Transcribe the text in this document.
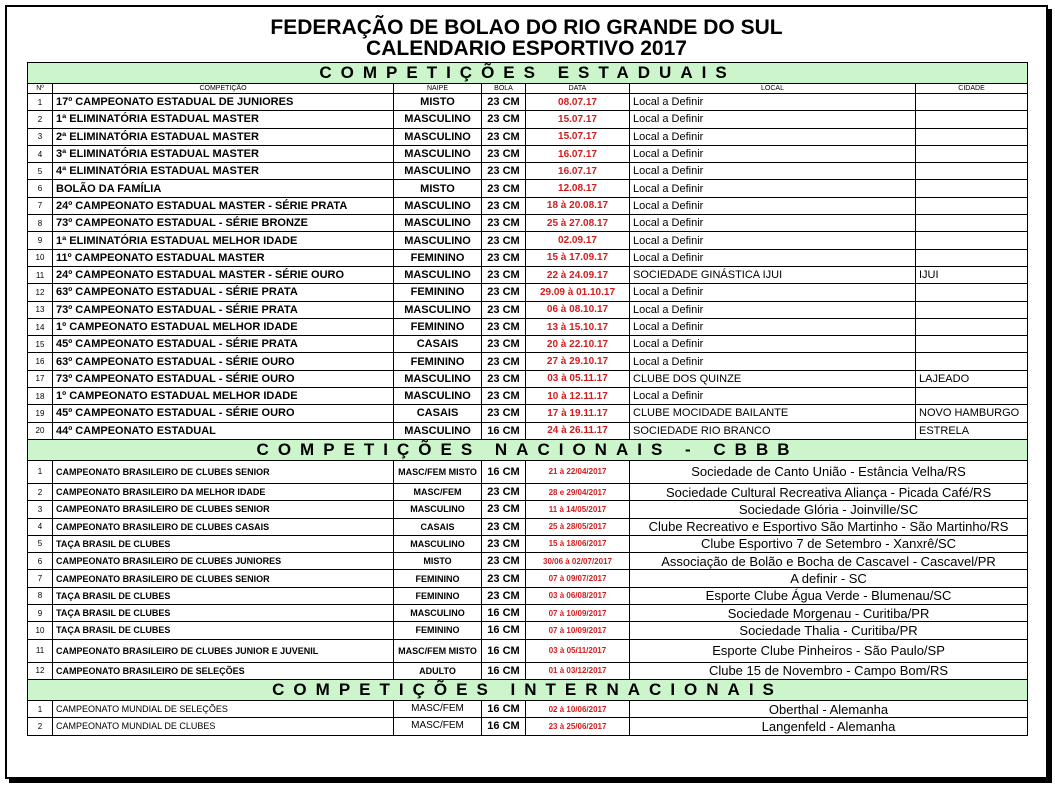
FEDERAÇÃO DE BOLAO DO RIO GRANDE DO SUL
CALENDARIO ESPORTIVO 2017
COMPETIÇÕES ESTADUAIS						
Nº	COMPETIÇÃO	NAIPE	BOLA	DATA	LOCAL	CIDADE
1	17º CAMPEONATO ESTADUAL DE JUNIORES	MISTO	23 CM	08.07.17	Local a Definir	
2	1ª ELIMINATÓRIA ESTADUAL MASTER	MASCULINO	23 CM	15.07.17	Local a Definir	
3	2ª ELIMINATÓRIA ESTADUAL MASTER	MASCULINO	23 CM	15.07.17	Local a Definir	
4	3ª ELIMINATÓRIA ESTADUAL MASTER	MASCULINO	23 CM	16.07.17	Local a Definir	
5	4ª ELIMINATÓRIA ESTADUAL MASTER	MASCULINO	23 CM	16.07.17	Local a Definir	
6	BOLÃO DA FAMÍLIA	MISTO	23 CM	12.08.17	Local a Definir	
7	24º CAMPEONATO ESTADUAL MASTER - SÉRIE PRATA	MASCULINO	23 CM	18 à 20.08.17	Local a Definir	
8	73º CAMPEONATO ESTADUAL - SÉRIE BRONZE	MASCULINO	23 CM	25 à 27.08.17	Local a Definir	
9	1ª ELIMINATÓRIA ESTADUAL MELHOR IDADE	MASCULINO	23 CM	02.09.17	Local a Definir	
10	11º CAMPEONATO ESTADUAL MASTER	FEMININO	23 CM	15 à 17.09.17	Local a Definir	
11	24º CAMPEONATO ESTADUAL MASTER - SÉRIE OURO	MASCULINO	23 CM	22 à 24.09.17	SOCIEDADE GINÁSTICA IJUI	IJUI
12	63º CAMPEONATO ESTADUAL - SÉRIE PRATA	FEMININO	23 CM	29.09 à 01.10.17	Local a Definir	
13	73º CAMPEONATO ESTADUAL - SÉRIE PRATA	MASCULINO	23 CM	06 à 08.10.17	Local a Definir	
14	1º CAMPEONATO ESTADUAL MELHOR IDADE	FEMININO	23 CM	13 à 15.10.17	Local a Definir	
15	45º CAMPEONATO ESTADUAL - SÉRIE PRATA	CASAIS	23 CM	20 à 22.10.17	Local a Definir	
16	63º CAMPEONATO ESTADUAL - SÉRIE OURO	FEMININO	23 CM	27 à 29.10.17	Local a Definir	
17	73º CAMPEONATO ESTADUAL - SÉRIE OURO	MASCULINO	23 CM	03 à 05.11.17	CLUBE DOS QUINZE	LAJEADO
18	1º CAMPEONATO ESTADUAL MELHOR IDADE	MASCULINO	23 CM	10 à 12.11.17	Local a Definir	
19	45º CAMPEONATO ESTADUAL - SÉRIE OURO	CASAIS	23 CM	17 à 19.11.17	CLUBE MOCIDADE BAILANTE	NOVO HAMBURGO
20	44º CAMPEONATO ESTADUAL	MASCULINO	16 CM	24 à 26.11.17	SOCIEDADE RIO BRANCO	ESTRELA
COMPETIÇÕES NACIONAIS - CBBB						
1	CAMPEONATO BRASILEIRO DE CLUBES SENIOR	MASC/FEM MISTO	16 CM	21 à 22/04/2017	Sociedade de Canto União - Estância Velha/RS	
2	CAMPEONATO BRASILEIRO DA MELHOR IDADE	MASC/FEM	23 CM	28 e 29/04/2017	Sociedade Cultural Recreativa Aliança - Picada Café/RS	
3	CAMPEONATO BRASILEIRO DE CLUBES SENIOR	MASCULINO	23 CM	11 à 14/05/2017	Sociedade Glória - Joinville/SC	
4	CAMPEONATO BRASILEIRO DE CLUBES CASAIS	CASAIS	23 CM	25 à 28/05/2017	Clube Recreativo e Esportivo São Martinho - São Martinho/RS	
5	TAÇA BRASIL DE CLUBES	MASCULINO	23 CM	15 à 18/06/2017	Clube Esportivo 7 de Setembro - Xanxrê/SC	
6	CAMPEONATO BRASILEIRO DE CLUBES JUNIORES	MISTO	23 CM	30/06 à 02/07/2017	Associação de Bolão e Bocha de Cascavel - Cascavel/PR	
7	CAMPEONATO BRASILEIRO DE CLUBES SENIOR	FEMININO	23 CM	07 à 09/07/2017	A definir - SC	
8	TAÇA BRASIL DE CLUBES	FEMININO	23 CM	03 à 06/08/2017	Esporte Clube Água Verde - Blumenau/SC	
9	TAÇA BRASIL DE CLUBES	MASCULINO	16 CM	07 à 10/09/2017	Sociedade Morgenau - Curitiba/PR	
10	TAÇA BRASIL DE CLUBES	FEMININO	16 CM	07 à 10/09/2017	Sociedade Thalia - Curitiba/PR	
11	CAMPEONATO BRASILEIRO DE CLUBES JUNIOR E JUVENIL	MASC/FEM MISTO	16 CM	03 à 05/11/2017	Esporte Clube Pinheiros - São Paulo/SP	
12	CAMPEONATO BRASILEIRO DE SELEÇÕES	ADULTO	16 CM	01 à 03/12/2017	Clube 15 de Novembro - Campo Bom/RS	
COMPETIÇÕES INTERNACIONAIS						
1	CAMPEONATO MUNDIAL DE SELEÇÕES	MASC/FEM	16 CM	02 à 10/06/2017	Oberthal - Alemanha	
2	CAMPEONATO MUNDIAL DE CLUBES	MASC/FEM	16 CM	23 à 25/06/2017	Langenfeld - Alemanha	
